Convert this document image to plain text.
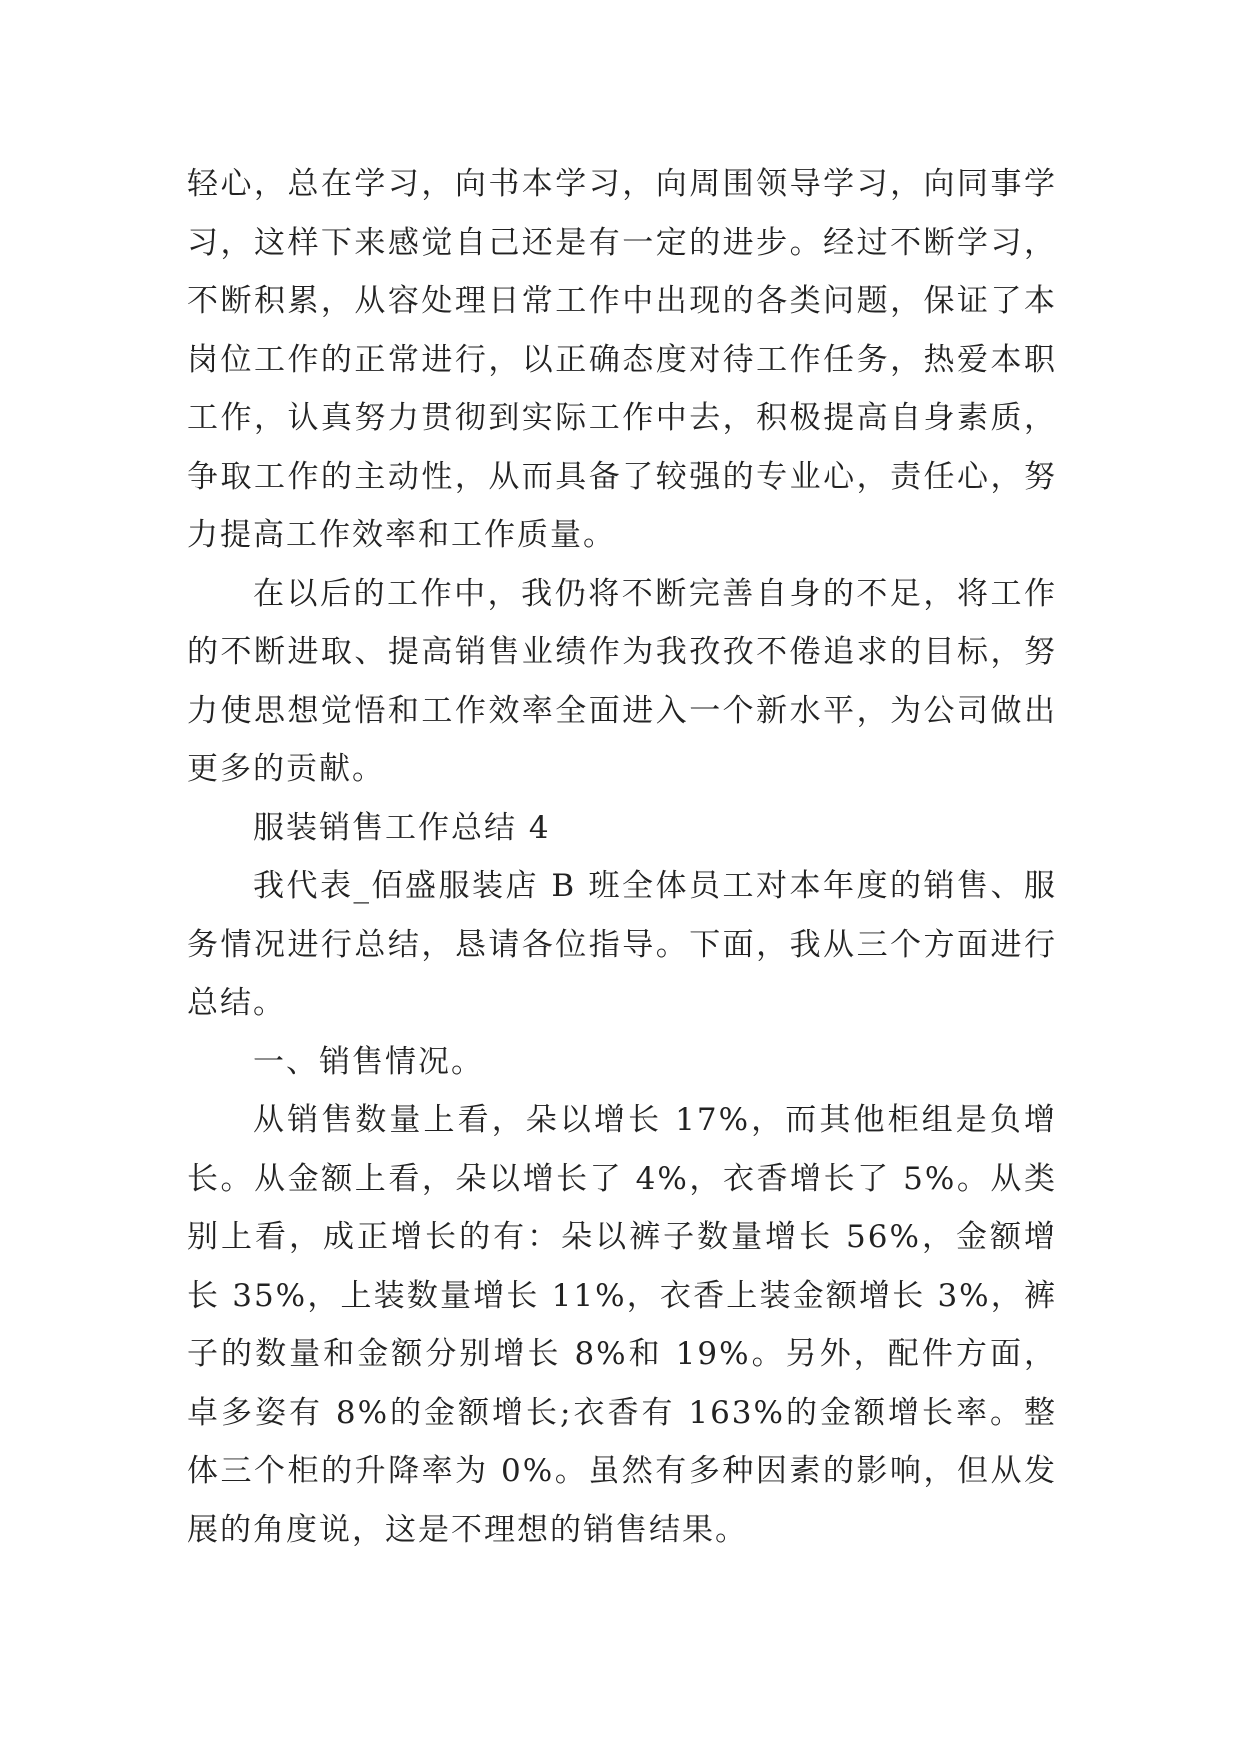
轻心，总在学习，向书本学习，向周围领导学习，向同事学习，这样下来感觉自己还是有一定的进步。经过不断学习，不断积累，从容处理日常工作中出现的各类问题，保证了本岗位工作的正常进行，以正确态度对待工作任务，热爱本职工作，认真努力贯彻到实际工作中去，积极提高自身素质，争取工作的主动性，从而具备了较强的专业心，责任心，努力提高工作效率和工作质量。

在以后的工作中，我仍将不断完善自身的不足，将工作的不断进取、提高销售业绩作为我孜孜不倦追求的目标，努力使思想觉悟和工作效率全面进入一个新水平，为公司做出更多的贡献。

服装销售工作总结 4

我代表_佰盛服装店 B 班全体员工对本年度的销售、服务情况进行总结，恳请各位指导。下面，我从三个方面进行总结。

一、销售情况。

从销售数量上看，朵以增长 17%，而其他柜组是负增长。从金额上看，朵以增长了 4%，衣香增长了 5%。从类别上看，成正增长的有：朵以裤子数量增长 56%，金额增长 35%，上装数量增长 11%，衣香上装金额增长 3%，裤子的数量和金额分别增长 8%和 19%。另外，配件方面，卓多姿有 8%的金额增长;衣香有 163%的金额增长率。整体三个柜的升降率为 0%。虽然有多种因素的影响，但从发展的角度说，这是不理想的销售结果。
